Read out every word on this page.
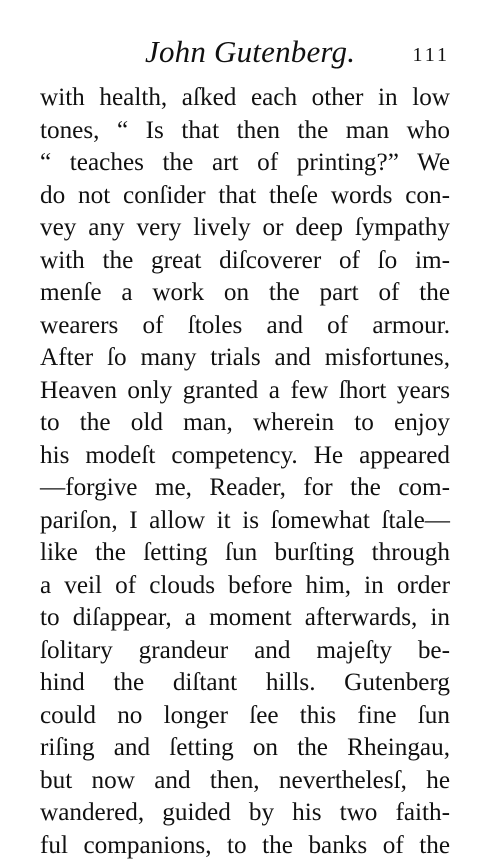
John Gutenberg.	111
with health, aſked each other in low
tones, “ Is that then the man who
“ teaches the art of printing?” We
do not conſider that theſe words con-
vey any very lively or deep ſympathy
with the great diſcoverer of ſo im-
menſe a work on the part of the
wearers of ſtoles and of armour.
After ſo many trials and misfortunes,
Heaven only granted a few ſhort years
to the old man, wherein to enjoy
his modeſt competency. He appeared
—forgive me, Reader, for the com-
pariſon, I allow it is ſomewhat ſtale—
like the ſetting ſun burſting through
a veil of clouds before him, in order
to diſappear, a moment afterwards, in
ſolitary grandeur and majeſty be-
hind the diſtant hills. Gutenberg
could no longer ſee this fine ſun
riſing and ſetting on the Rheingau,
but now and then, neverthelesſ, he
wandered, guided by his two faith-
ful companions, to the banks of the
